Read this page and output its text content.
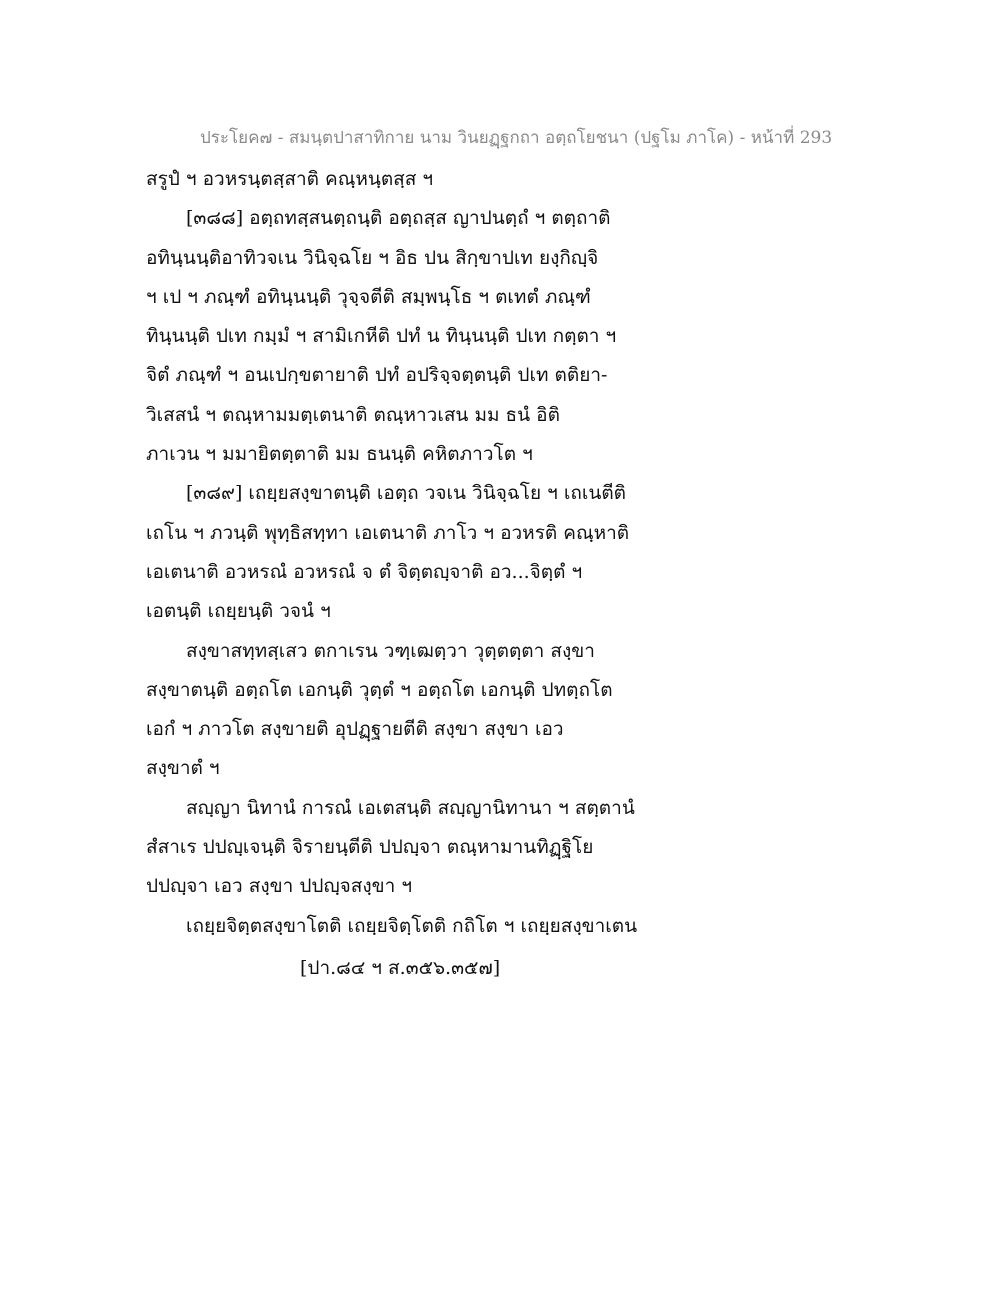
ประโยค๗ - สมนฺตปาสาทิกาย นาม วินยฏฺฐกถา อตฺถโยชนา (ปฐโม ภาโค) - หน้าที่ 293
สรูปํ ฯ อวหรนฺตสฺสาติ คณฺหนฺตสฺส ฯ
[๓๘๘] อตฺถทสฺสนตฺถนฺติ อตฺถสฺส ญาปนตฺถํ ฯ ตตฺถาติ
อทินฺนนฺติอาทิวจเน วินิจฺฉโย ฯ อิธ ปน สิกฺขาปเท ยงฺกิญฺจิ
ฯ เป ฯ ภณฺฑํ อทินฺนนฺติ วุจฺจตีติ สมฺพนฺโธ ฯ ตเทตํ ภณฺฑํ
ทินฺนนฺติ ปเท กมฺมํ ฯ สามิเกหีติ ปทํ น ทินฺนนฺติ ปเท กตฺตา ฯ
จิตํ ภณฺฑํ ฯ อนเปกฺขตายาติ ปทํ อปริจฺจตฺตนฺติ ปเท ตติยา-
วิเสสนํ ฯ ตณฺหามมตฺเตนาติ ตณฺหาวเสน มม ธนํ อิติ
ภาเวน ฯ มมายิตตฺตาติ มม ธนนฺติ คหิตภาวโต ฯ
[๓๘๙] เถยฺยสงฺขาตนฺติ เอตฺถ วจเน วินิจฺฉโย ฯ เถเนตีติ
เถโน ฯ ภวนฺติ พุทฺธิสทฺทา เอเตนาติ ภาโว ฯ อวหรติ คณฺหาติ
เอเตนาติ อวหรณํ อวหรณํ จ ตํ จิตฺตญฺจาติ อว...จิตฺตํ ฯ
เอตนฺติ เถยฺยนฺติ วจนํ ฯ
สงฺขาสทฺทสฺเสว ตกาเรน วฑฺเฒตฺวา วุตฺตตฺตา สงฺขา
สงฺขาตนฺติ อตฺถโต เอกนฺติ วุตฺตํ ฯ อตฺถโต เอกนฺติ ปทตฺถโต
เอกํ ฯ ภาวโต สงฺขายติ อุปฏฺฐายตีติ สงฺขา สงฺขา เอว
สงฺขาตํ ฯ
สญฺญา นิทานํ การณํ เอเตสนฺติ สญฺญานิทานา ฯ สตฺตานํ
สํสาเร ปปญฺเจนฺติ จิรายนฺตีติ ปปญฺจา ตณฺหามานทิฏฺฐิโย
ปปญฺจา เอว สงฺขา ปปญฺจสงฺขา ฯ
เถยฺยจิตฺตสงฺขาโตติ เถยฺยจิตฺโตติ กถิโต ฯ เถยฺยสงฺขาเตน
[ปา.๘๔ ฯ ส.๓๕๖.๓๕๗]
